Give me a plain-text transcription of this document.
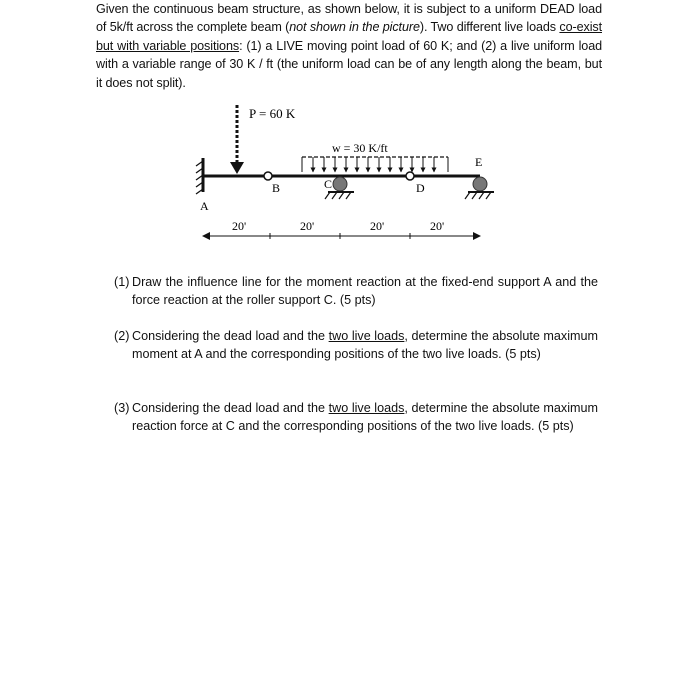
Given the continuous beam structure, as shown below, it is subject to a uniform DEAD load of 5k/ft across the complete beam (not shown in the picture). Two different live loads co-exist but with variable positions: (1) a LIVE moving point load of 60 K; and (2) a live uniform load with a variable range of 30 K / ft (the uniform load can be of any length along the beam, but it does not split).
P = 60 K
w = 30 K/ft
A
B	C	D
E
20'	20'	20'	20'
(1) Draw the influence line for the moment reaction at the fixed-end support A and the force reaction at the roller support C. (5 pts)
(2) Considering the dead load and the two live loads, determine the absolute maximum moment at A and the corresponding positions of the two live loads. (5 pts)
(3) Considering the dead load and the two live loads, determine the absolute maximum reaction force at C and the corresponding positions of the two live loads. (5 pts)
